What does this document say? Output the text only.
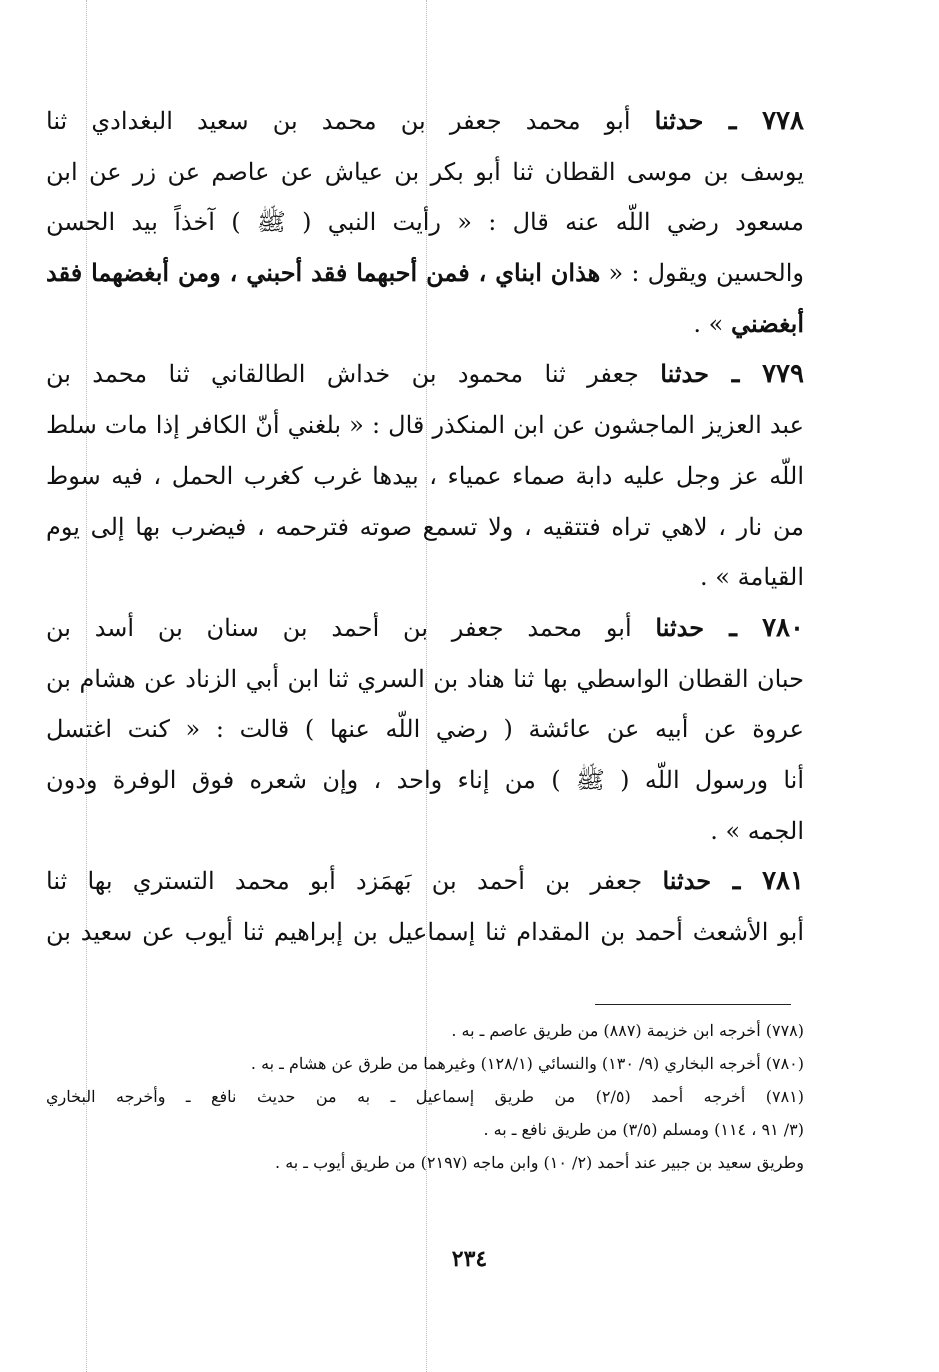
٧٧٨ ـ حدثنا أبو محمد جعفر بن محمد بن سعيد البغدادي ثنا
يوسف بن موسى القطان ثنا أبو بكر بن عياش عن عاصم عن زر عن ابن
مسعود رضي اللّه عنه قال : « رأيت النبي ( ﷺ ) آخذاً بيد الحسن
والحسين ويقول : « هذان ابناي ، فمن أحبهما فقد أحبني ، ومن أبغضهما فقد
أبغضني » .
٧٧٩ ـ حدثنا جعفر ثنا محمود بن خداش الطالقاني ثنا محمد بن
عبد العزيز الماجشون عن ابن المنكذر قال : « بلغني أنّ الكافر إذا مات سلط
اللّه عز وجل عليه دابة صماء عمياء ، بيدها غرب كغرب الحمل ، فيه سوط
من نار ، لاهي تراه فتتقيه ، ولا تسمع صوته فترحمه ، فيضرب بها إلى يوم
القيامة » .
٧٨٠ ـ حدثنا أبو محمد جعفر بن أحمد بن سنان بن أسد بن
حبان القطان الواسطي بها ثنا هناد بن السري ثنا ابن أبي الزناد عن هشام بن
عروة عن أبيه عن عائشة ( رضي اللّه عنها ) قالت : « كنت اغتسل
أنا ورسول اللّه ( ﷺ ) من إناء واحد ، وإن شعره فوق الوفرة ودون
الجمه » .
٧٨١ ـ حدثنا جعفر بن أحمد بن بَهمَزد أبو محمد التستري بها ثنا
أبو الأشعث أحمد بن المقدام ثنا إسماعيل بن إبراهيم ثنا أيوب عن سعيد بن
(٧٧٨) أخرجه ابن خزيمة (٨٨٧) من طريق عاصم ـ به .
(٧٨٠) أخرجه البخاري (٩/ ١٣٠) والنسائي (١٢٨/١) وغيرهما من طرق عن هشام ـ به .
(٧٨١) أخرجه أحمد (٢/٥) من طريق إسماعيل ـ به من حديث نافع ـ وأخرجه البخاري
(٣/ ٩١ ، ١١٤) ومسلم (٣/٥) من طريق نافع ـ به .
وطريق سعيد بن جبير عند أحمد (٢/ ١٠) وابن ماجه (٢١٩٧) من طريق أيوب ـ به .
٢٣٤
